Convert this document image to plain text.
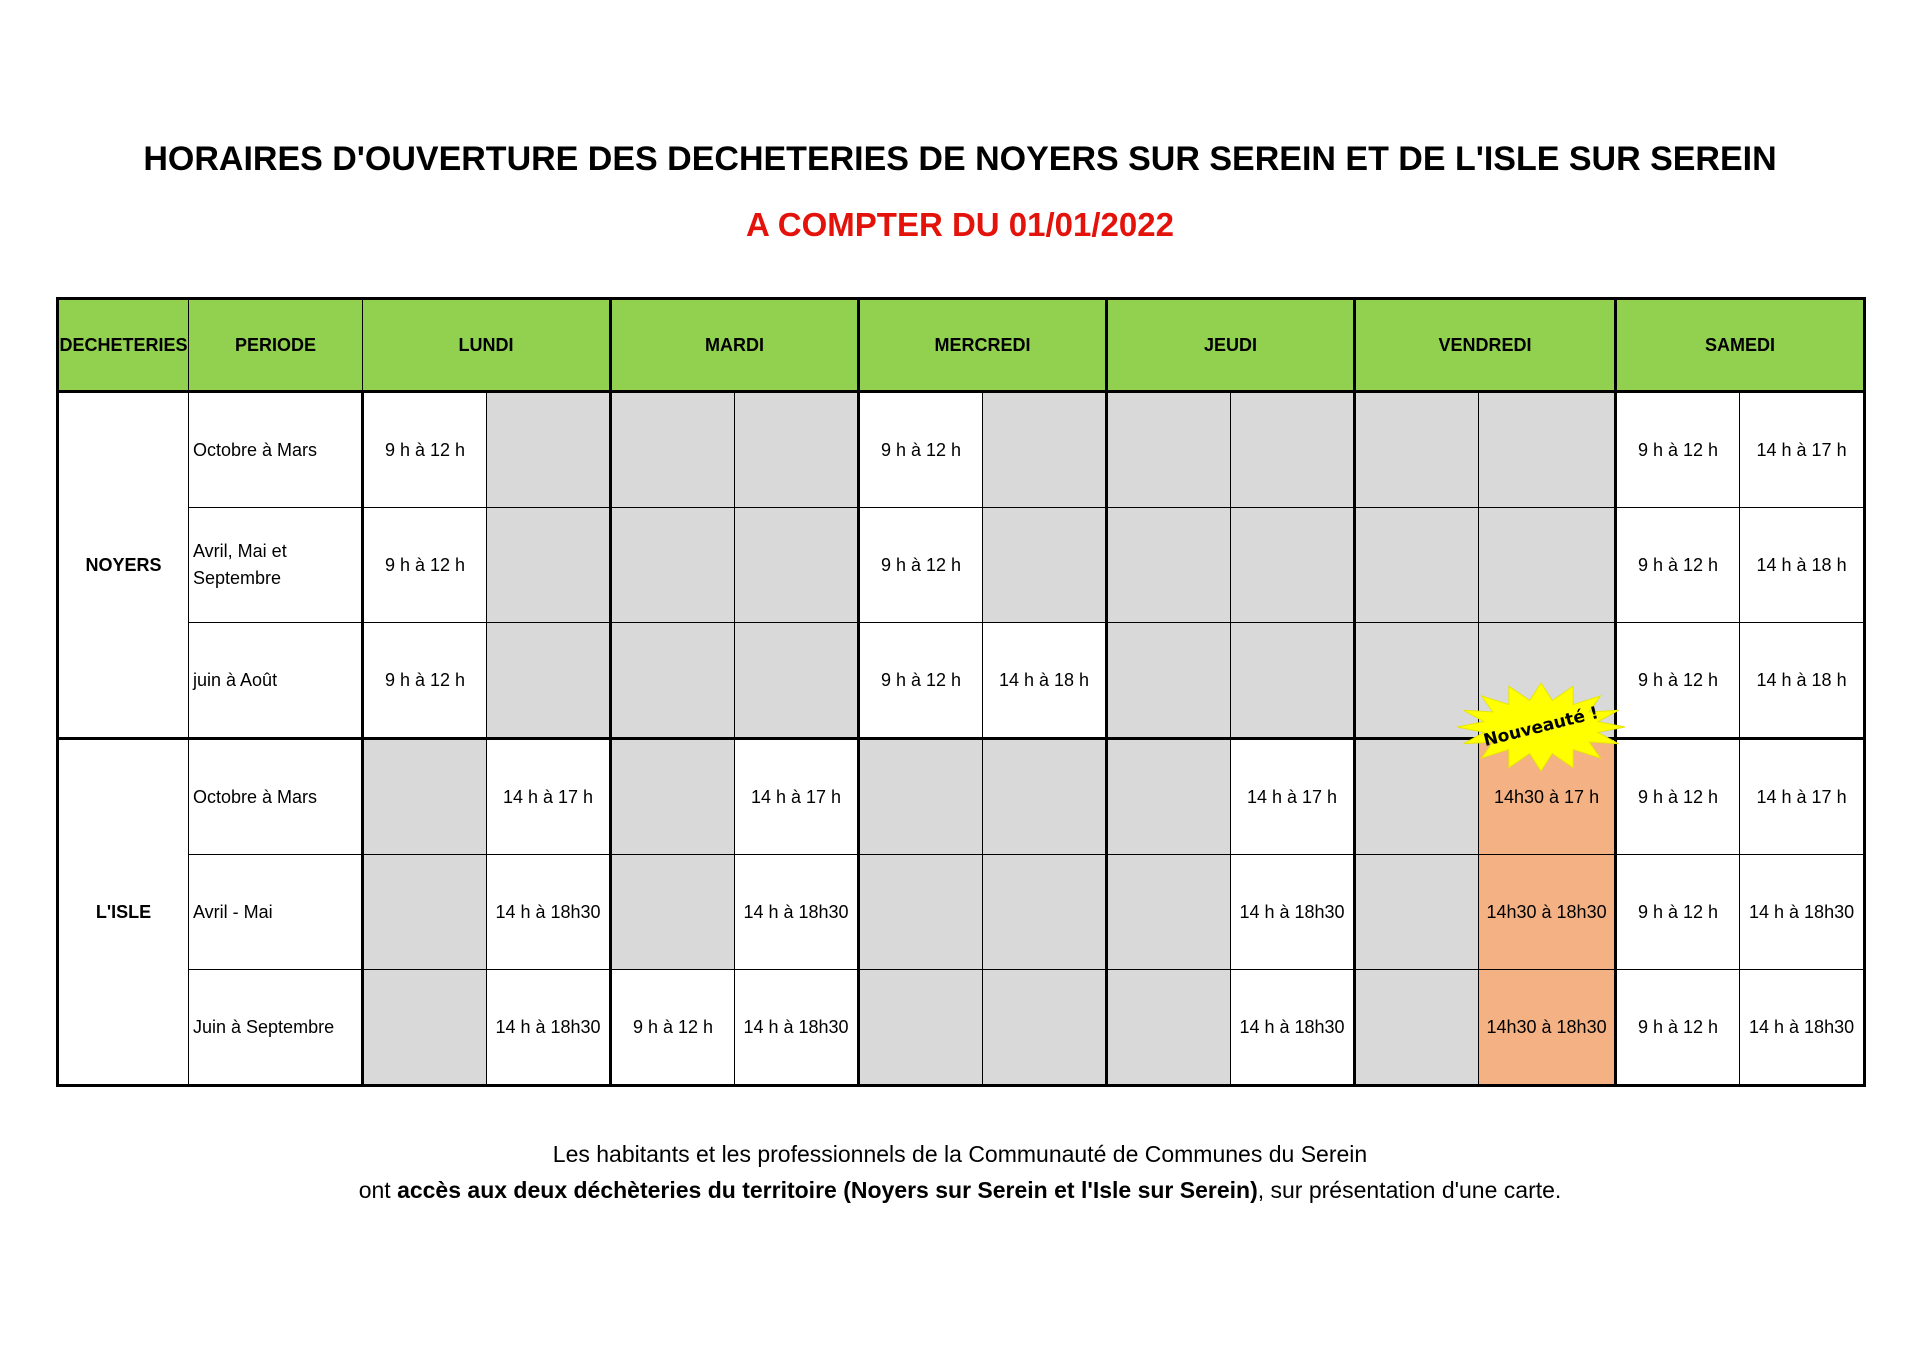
HORAIRES D'OUVERTURE DES DECHETERIES DE NOYERS SUR SEREIN ET DE L'ISLE SUR SEREIN
A COMPTER DU 01/01/2022
DECHETERIES	PERIODE	LUNDI		MARDI		MERCREDI		JEUDI		VENDREDI		SAMEDI	
NOYERS	Octobre à Mars	9 h à 12 h				9 h à 12 h						9 h à 12 h	14 h à 17 h
	Avril, Mai et Septembre	9 h à 12 h				9 h à 12 h						9 h à 12 h	14 h à 18 h
	juin à Août	9 h à 12 h				9 h à 12 h	14 h à 18 h					9 h à 12 h	14 h à 18 h
L'ISLE	Octobre à Mars		14 h à 17 h		14 h à 17 h				14 h à 17 h		14h30 à 17 h	9 h à 12 h	14 h à 17 h
	Avril - Mai		14 h à 18h30		14 h à 18h30				14 h à 18h30		14h30 à 18h30	9 h à 12 h	14 h à 18h30
	Juin à Septembre		14 h à 18h30	9 h à 12 h	14 h à 18h30				14 h à 18h30		14h30 à 18h30	9 h à 12 h	14 h à 18h30
Nouveauté !
Les habitants et les professionnels de la Communauté de Communes du Serein
ont accès aux deux déchèteries du territoire (Noyers sur Serein et l'Isle sur Serein), sur présentation d'une carte.
